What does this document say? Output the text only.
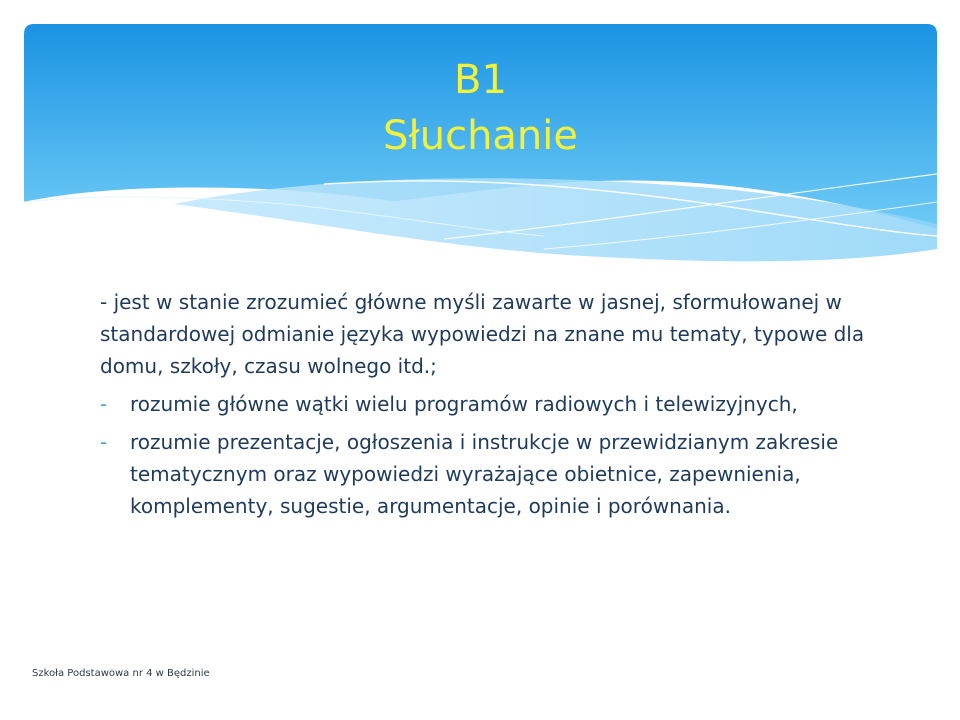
B1
Słuchanie

- jest w stanie zrozumieć główne myśli zawarte w jasnej, sformułowanej w standardowej odmianie języka wypowiedzi na znane mu tematy, typowe dla domu, szkoły, czasu wolnego itd.;

- rozumie główne wątki wielu programów radiowych i telewizyjnych,
- rozumie prezentacje, ogłoszenia i instrukcje w przewidzianym zakresie tematycznym oraz wypowiedzi wyrażające obietnice, zapewnienia, komplementy, sugestie, argumentacje, opinie i porównania.
Szkoła Podstawowa nr 4 w Będzinie
